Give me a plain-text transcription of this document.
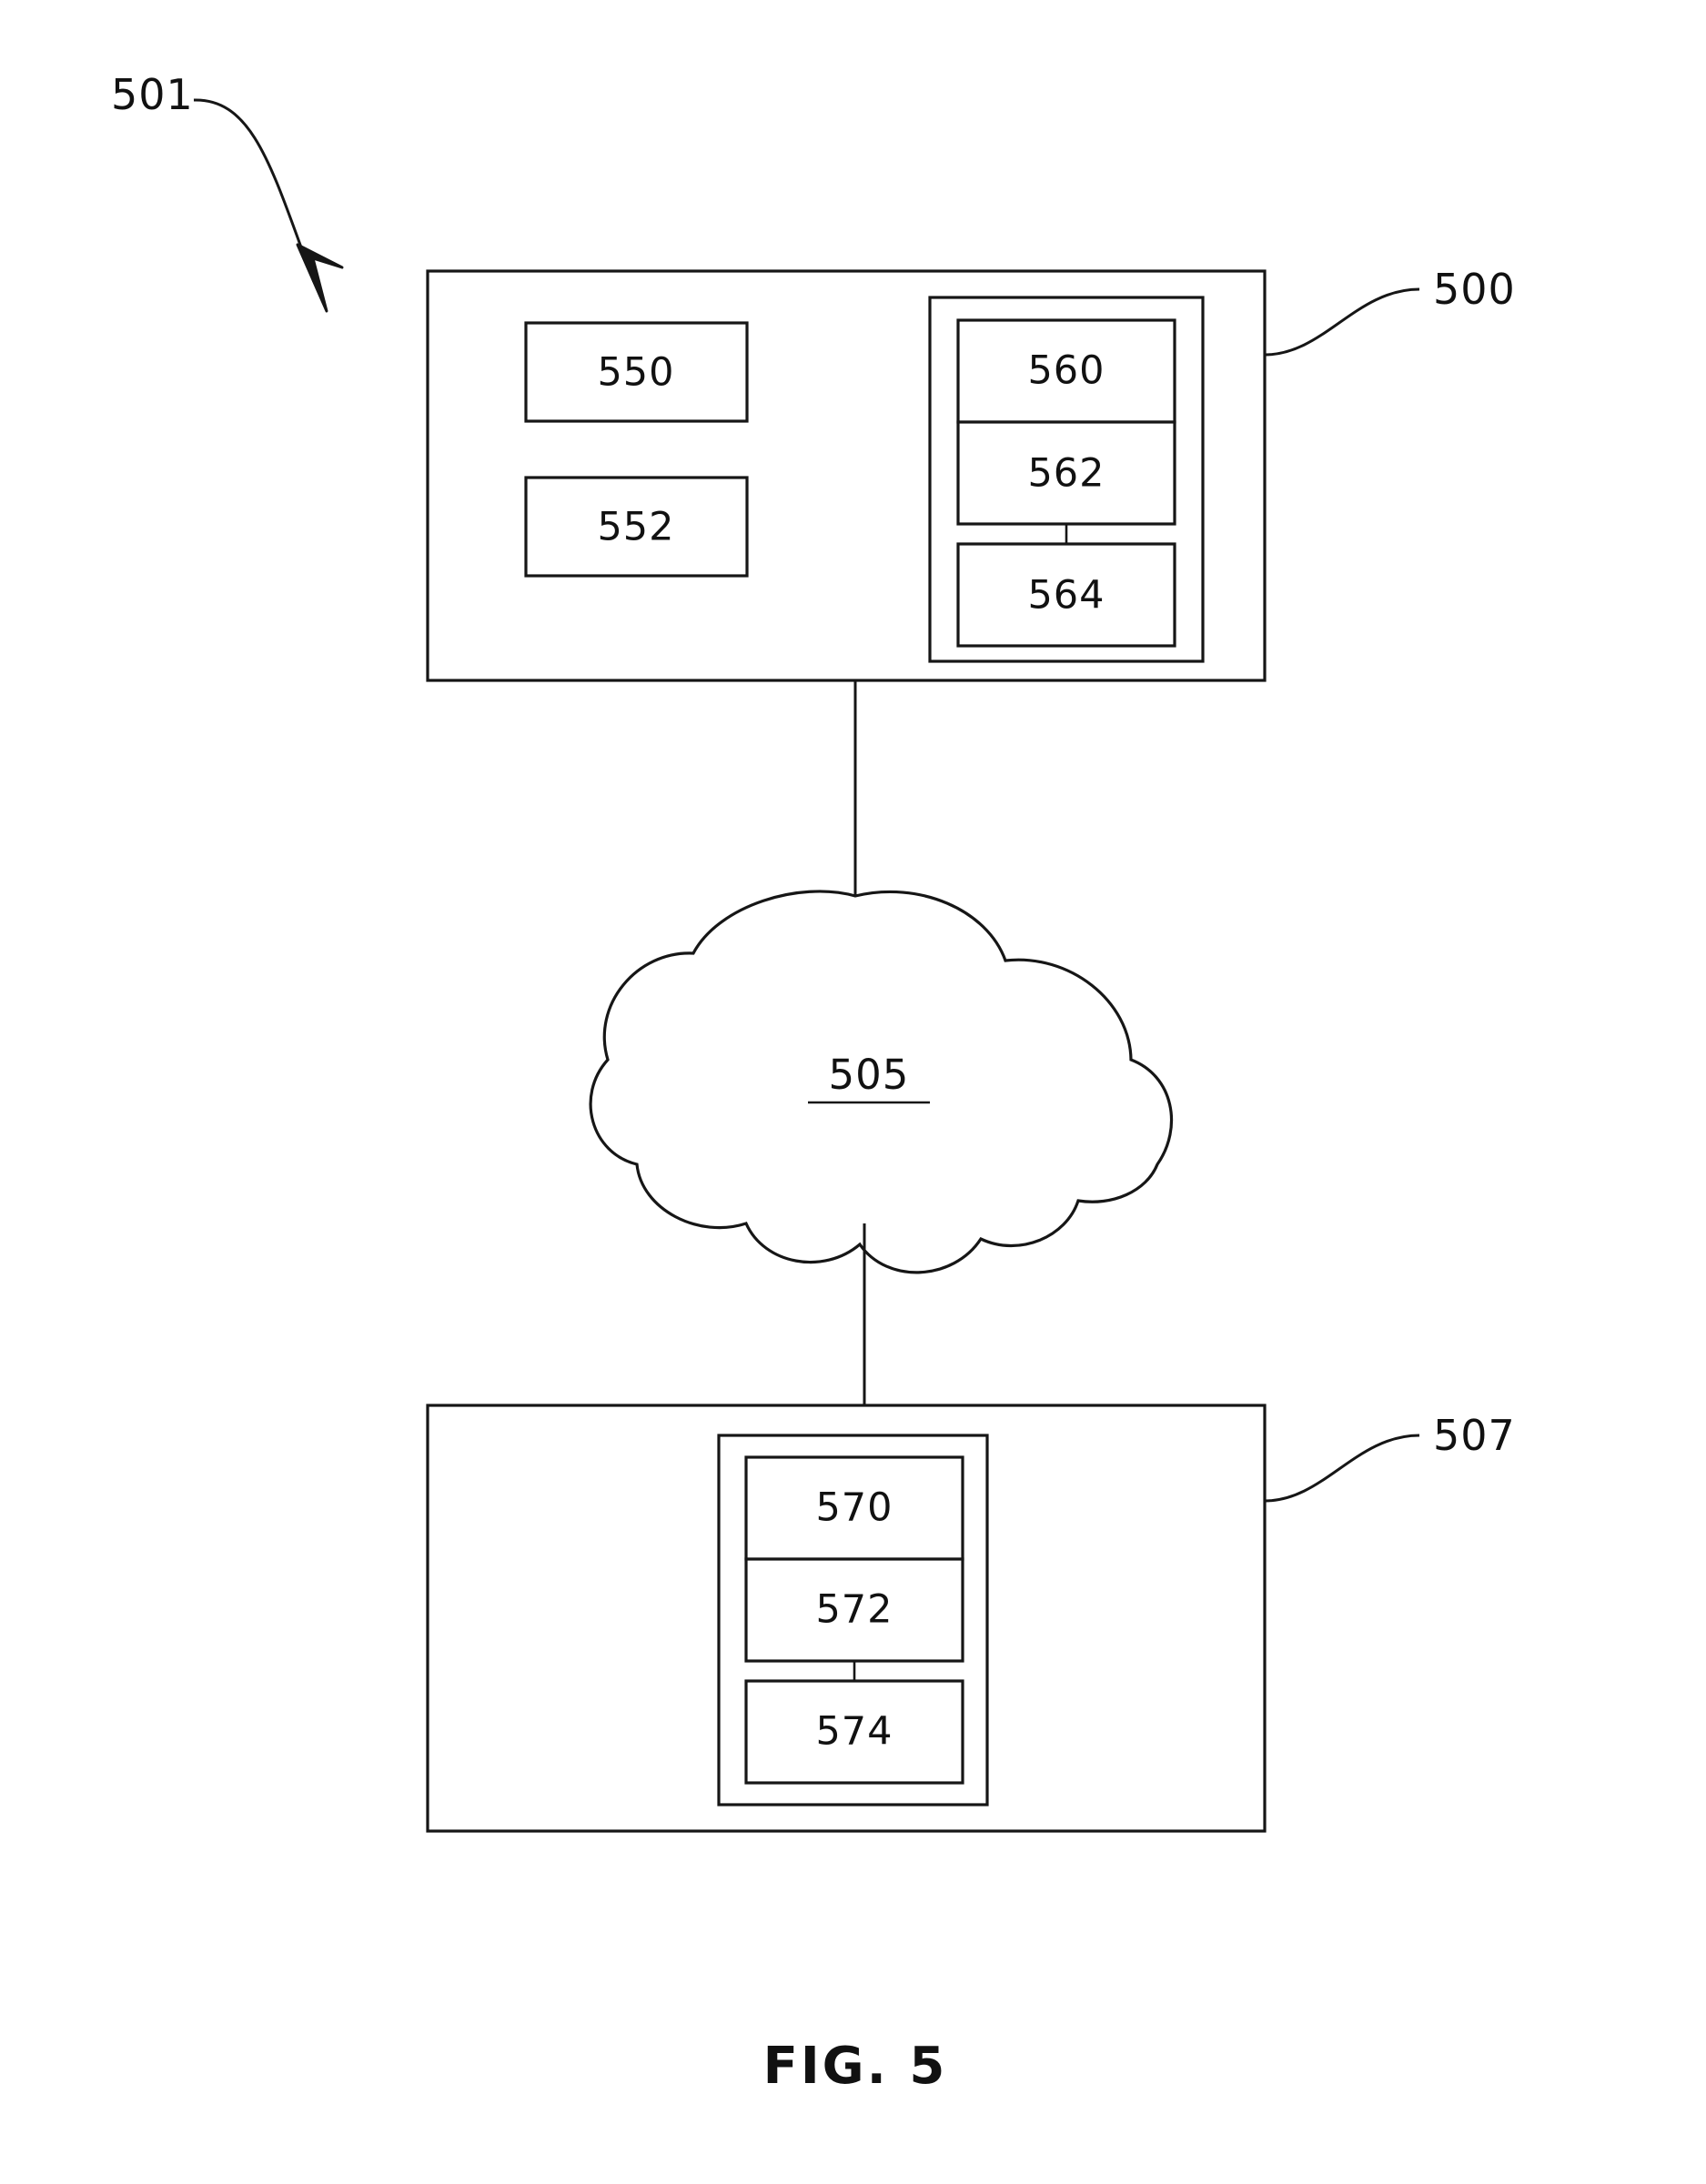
501
550
552
560
562
564
500
505
570
572
574
507
FIG. 5
